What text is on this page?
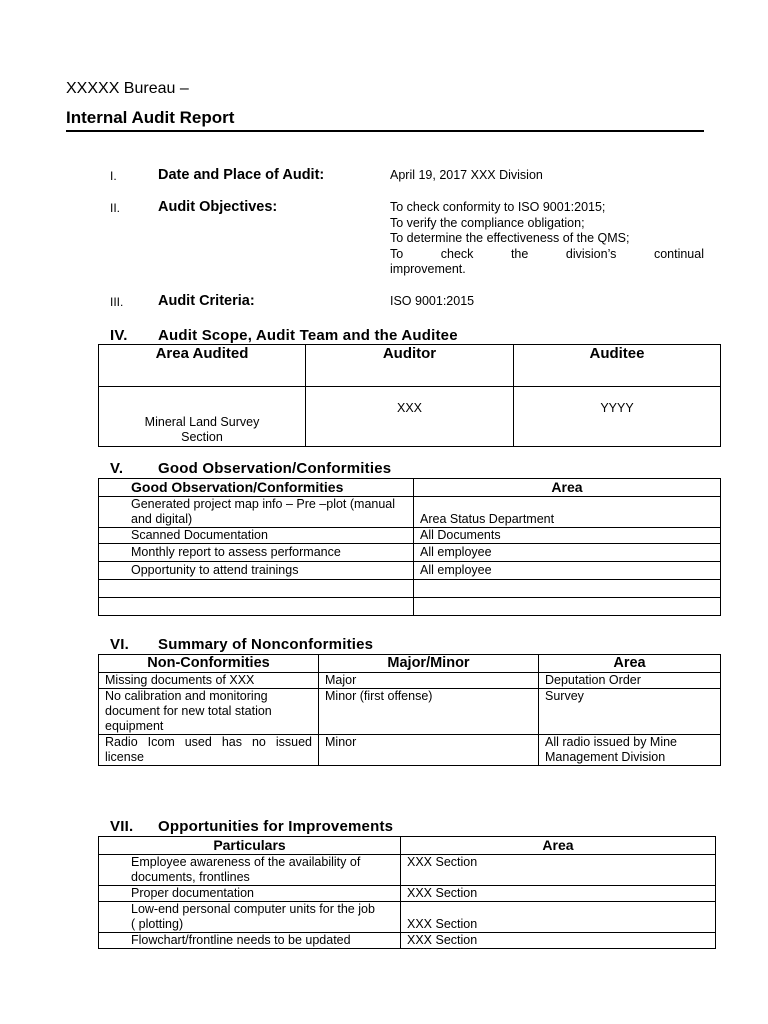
XXXXX Bureau –
Internal Audit Report
I.	Date and Place of Audit:	April 19, 2017 XXX Division
II.	Audit Objectives:	To check conformity to ISO 9001:2015;
To verify the compliance obligation;
To determine the effectiveness of the QMS;
To	check	the	division’s	continual
improvement.
III. Audit Criteria:	ISO 9001:2015
IV. Audit Scope, Audit Team and the Auditee
Area Audited	Auditor	Auditee
Mineral Land Survey Section	XXX	YYYY
V. Good Observation/Conformities
Good Observation/Conformities	Area
Generated project map info – Pre –plot (manual and digital)	Area Status Department
Scanned Documentation	All Documents
Monthly report to assess performance	All employee
Opportunity to attend trainings	All employee

VI. Summary of Nonconformities
Non-Conformities	Major/Minor	Area
Missing documents of XXX	Major	Deputation Order
No calibration and monitoring document for new total station equipment	Minor (first offense)	Survey
Radio Icom used has no issued license	Minor	All radio issued by Mine Management Division
VII. Opportunities for Improvements
Particulars	Area
Employee awareness of the availability of documents, frontlines	XXX Section
Proper documentation	XXX Section
Low-end personal computer units for the job ( plotting)	XXX Section
Flowchart/frontline needs to be updated	XXX Section
